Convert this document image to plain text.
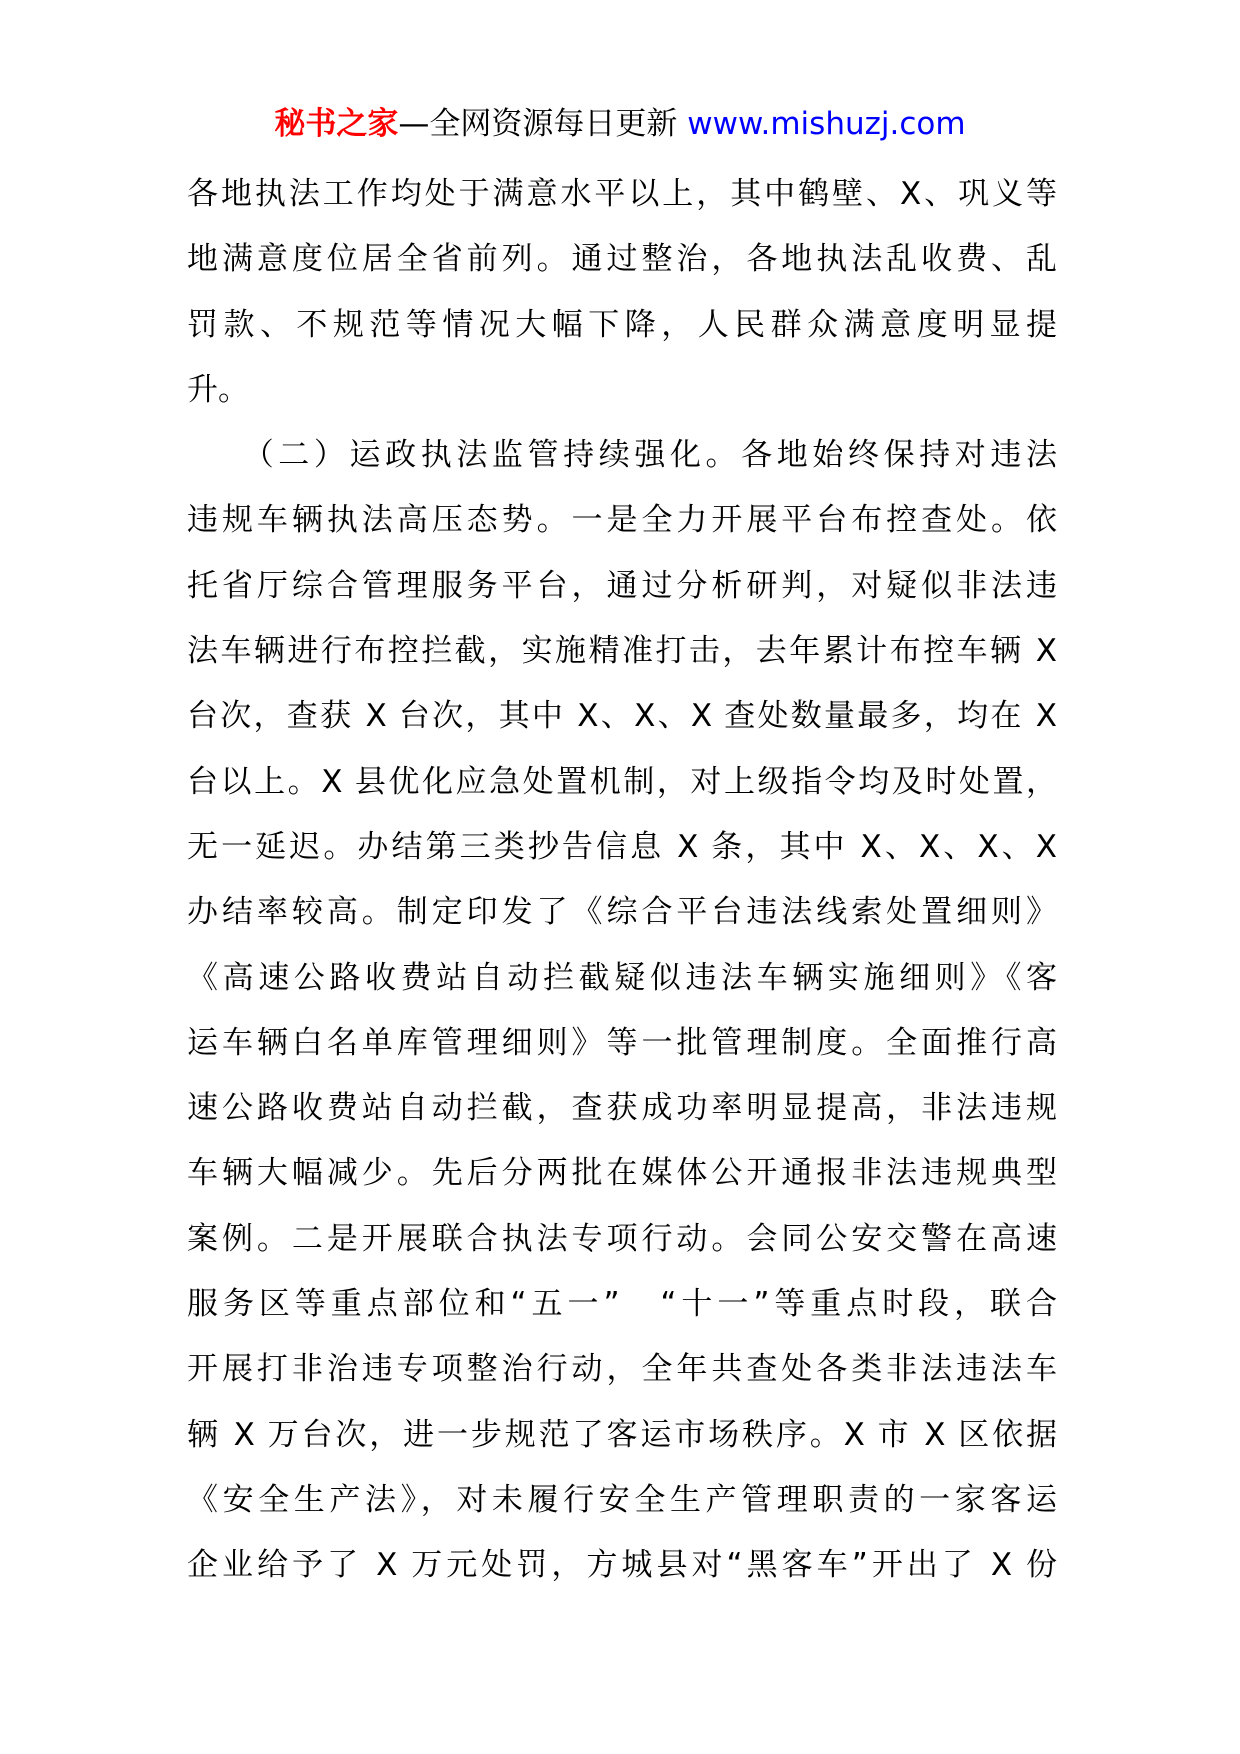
秘书之家—全网资源每日更新 www.mishuzj.com
各地执法工作均处于满意水平以上，其中鹤壁、X、巩义等
地满意度位居全省前列。通过整治，各地执法乱收费、乱
罚款、不规范等情况大幅下降，人民群众满意度明显提
升。
　　（二）运政执法监管持续强化。各地始终保持对违法
违规车辆执法高压态势。一是全力开展平台布控查处。依
托省厅综合管理服务平台，通过分析研判，对疑似非法违
法车辆进行布控拦截，实施精准打击，去年累计布控车辆 X
台次，查获 X 台次，其中 X、X、X 查处数量最多，均在 X
台以上。X 县优化应急处置机制，对上级指令均及时处置，
无一延迟。办结第三类抄告信息 X 条，其中 X、X、X、X
办结率较高。制定印发了《综合平台违法线索处置细则》
《高速公路收费站自动拦截疑似违法车辆实施细则》《客
运车辆白名单库管理细则》等一批管理制度。全面推行高
速公路收费站自动拦截，查获成功率明显提高，非法违规
车辆大幅减少。先后分两批在媒体公开通报非法违规典型
案例。二是开展联合执法专项行动。会同公安交警在高速
服务区等重点部位和“五一”　“十一”等重点时段，联合
开展打非治违专项整治行动，全年共查处各类非法违法车
辆 X 万台次，进一步规范了客运市场秩序。X 市 X 区依据
《安全生产法》，对未履行安全生产管理职责的一家客运
企业给予了 X 万元处罚，方城县对“黑客车”开出了 X 份
